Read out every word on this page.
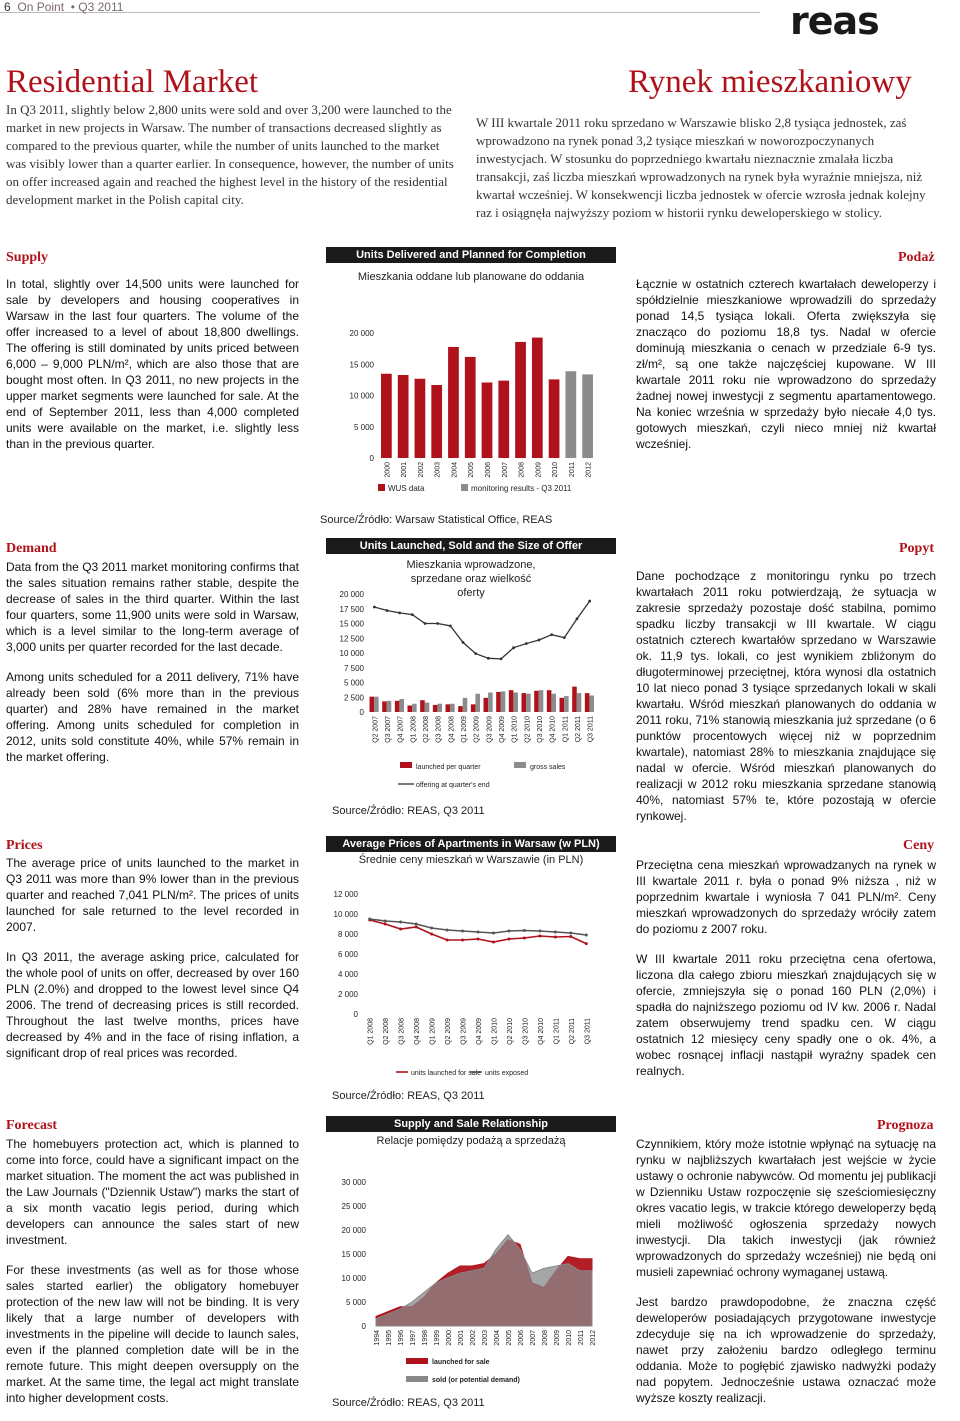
6 On Point • Q3 2011	reas
Residential Market	Rynek mieszkaniowy
In Q3 2011, slightly below 2,800 units were sold and over 3,200 were launched to the market in new projects in Warsaw. The number of transactions decreased slightly as compared to the previous quarter, while the number of units launched to the market was visibly lower than a quarter earlier. In consequence, however, the number of units on offer increased again and reached the highest level in the history of the residential development market in the Polish capital city.
W III kwartale 2011 roku sprzedano w Warszawie blisko 2,8 tysiąca jednostek, zaś wprowadzono na rynek ponad 3,2 tysiące mieszkań w noworozpoczynanych inwestycjach. W stosunku do poprzedniego kwartału nieznacznie zmalała liczba transakcji, zaś liczba mieszkań wprowadzonych na rynek była wyraźnie mniejsza, niż kwartał wcześniej. W konsekwencji liczba jednostek w ofercie wzrosła jednak kolejny raz i osiągnęła najwyższy poziom w historii rynku deweloperskiego w stolicy.
Supply	Podaż

In total, slightly over 14,500 units were launched for sale by developers and housing cooperatives in Warsaw in the last four quarters. The volume of the offer increased to a level of about 18,800 dwellings. The offering is still dominated by units priced between 6,000 – 9,000 PLN/m², which are also those that are bought most often. In Q3 2011, no new projects in the upper market segments were launched for sale. At the end of September 2011, less than 4,000 completed units were available on the market, i.e. slightly less than in the previous quarter.

Łącznie w ostatnich czterech kwartałach deweloperzy i spółdzielnie mieszkaniowe wprowadzili do sprzedaży ponad 14,5 tysiąca lokali. Oferta zwiększyła się znacząco do poziomu 18,8 tys. Nadal w ofercie dominują mieszkania o cenach w przedziale 6-9 tys. zł/m², są one także najczęściej kupowane. W III kwartale 2011 roku nie wprowadzono do sprzedaży żadnej nowej inwestycji z segmentu apartamentowego. Na koniec września w sprzedaży było niecałe 4,0 tys. gotowych mieszkań, czyli nieco mniej niż kwartał wcześniej.

Demand	Popyt

Data from the Q3 2011 market monitoring confirms that the sales situation remains rather stable, despite the decrease of sales in the third quarter. Within the last four quarters, some 11,900 units were sold in Warsaw, which is a level similar to the long-term average of 3,000 units per quarter recorded for the last decade.

Among units scheduled for a 2011 delivery, 71% have already been sold (6% more than in the previous quarter) and 28% have remained in the market offering. Among units scheduled for completion in 2012, units sold constitute 40%, while 57% remain in the market offering.

Dane pochodzące z monitoringu rynku po trzech kwartałach 2011 roku potwierdzają, że sytuacja w zakresie sprzedaży pozostaje dość stabilna, pomimo spadku liczby transakcji w III kwartale. W ciągu ostatnich czterech kwartałów sprzedano w Warszawie ok. 11,9 tys. lokali, co jest wynikiem zbliżonym do długoterminowej przeciętnej, która wynosi dla ostatnich 10 lat nieco ponad 3 tysiące sprzedanych lokali w skali kwartału. Wśród mieszkań planowanych do oddania w 2011 roku, 71% stanowią mieszkania już sprzedane (o 6 punktów procentowych więcej niż w poprzednim kwartale), natomiast 28% to mieszkania znajdujące się nadal w ofercie. Wśród mieszkań planowanych do realizacji w 2012 roku mieszkania sprzedane stanowią 40%, natomiast 57% te, które pozostają w ofercie rynkowej.

Prices	Ceny

The average price of units launched to the market in Q3 2011 was more than 9% lower than in the previous quarter and reached 7,041 PLN/m². The prices of units launched for sale returned to the level recorded in 2007.

In Q3 2011, the average asking price, calculated for the whole pool of units on offer, decreased by over 160 PLN (2.0%) and dropped to the lowest level since Q4 2006. The trend of decreasing prices is still recorded. Throughout the last twelve months, prices have decreased by 4% and in the face of rising inflation, a significant drop of real prices was recorded.

Przeciętna cena mieszkań wprowadzanych na rynek w III kwartale 2011 r. była o ponad 9% niższa , niż w poprzednim kwartale i wyniosła 7 041 PLN/m². Ceny mieszkań wprowadzonych do sprzedaży wróciły zatem do poziomu z 2007 roku.

W III kwartale 2011 roku przeciętna cena ofertowa, liczona dla całego zbioru mieszkań znajdujących się w ofercie, zmniejszyła się o ponad 160 PLN (2,0%) i spadła do najniższego poziomu od IV kw. 2006 r. Nadal zatem obserwujemy trend spadku cen. W ciągu ostatnich 12 miesięcy ceny spadły one o ok. 4%, a wobec rosnącej inflacji nastąpił wyraźny spadek cen realnych.

Forecast	Prognoza

The homebuyers protection act, which is planned to come into force, could have a significant impact on the market situation. The moment the act was published in the Law Journals ("Dziennik Ustaw") marks the start of a six month vacatio legis period, during which developers can announce the sales start of new investment.

For these investments (as well as for those whose sales started earlier) the obligatory homebuyer protection of the new law will not be binding. It is very likely that a large number of developers with investments in the pipeline will decide to launch sales, even if the planned completion date will be in the remote future. This might deepen oversupply on the market. At the same time, the legal act might translate into higher development costs.

Czynnikiem, który może istotnie wpłynąć na sytuację na rynku w najbliższych kwartałach jest wejście w życie ustawy o ochronie nabywców. Od momentu jej publikacji w Dzienniku Ustaw rozpoczęnie się sześciomiesięczny okres vacatio legis, w trakcie którego deweloperzy będą mieli możliwość ogłoszenia sprzedaży nowych inwestycji. Dla takich inwestycji (jak również wprowadzonych do sprzedaży wcześniej) nie będą oni musieli zapewniać ochrony wymaganej ustawą.

Jest bardzo prawdopodobne, że znaczna część deweloperów posiadających przygotowane inwestycje zdecyduje się na ich wprowadzenie do sprzedaży, nawet przy założeniu bardzo odległego terminu oddania. Może to pogłębić zjawisko nadwyżki podaży nad popytem. Jednocześnie ustawa oznaczać może wyższe koszty realizacji.

Units Delivered and Planned for Completion
Mieszkania oddane lub planowane do oddania
0
5 000
10 000
15 000
20 000
2000 2001 2002 2003 2004 2005 2006 2007 2008 2009 2010 2011 2012
WUS data	monitoring results - Q3 2011
Source/Źródło: Warsaw Statistical Office, REAS
Units Launched, Sold and the Size of Offer
Mieszkania wprowadzone, sprzedane oraz wielkość oferty
0
2 500
5 000
7 500
10 000
12 500
15 000
17 500
20 000
Q2 2007 Q3 2007 Q4 2007 Q1 2008 Q2 2008 Q3 2008 Q4 2008 Q1 2009 Q2 2009 Q3 2009 Q4 2009 Q1 2010 Q2 2010 Q3 2010 Q4 2010 Q1 2011 Q2 2011 Q3 2011
launched per quarter	gross sales
offering at quarter's end
Source/Źródło: REAS, Q3 2011
Average Prices of Apartments in Warsaw (w PLN)
Średnie ceny mieszkań w Warszawie (in PLN)
0
2 000
4 000
6 000
8 000
10 000
12 000
Q1 2008 Q2 2008 Q3 2008 Q4 2008 Q1 2009 Q2 2009 Q3 2009 Q4 2009 Q1 2010 Q2 2010 Q3 2010 Q4 2010 Q1 2011 Q2 2011 Q3 2011
units launched for sale units exposed
Source/Źródło: REAS, Q3 2011
Supply and Sale Relationship
Relacje pomiędzy podażą a sprzedażą
0
5 000
10 000
15 000
20 000
25 000
30 000
1994 1995 1996 1997 1998 1999 2000 2001 2002 2003 2004 2005 2006 2007 2008 2009 2010 2011 2012
launched for sale
sold (or potential demand)
Source/Źródło: REAS, Q3 2011
